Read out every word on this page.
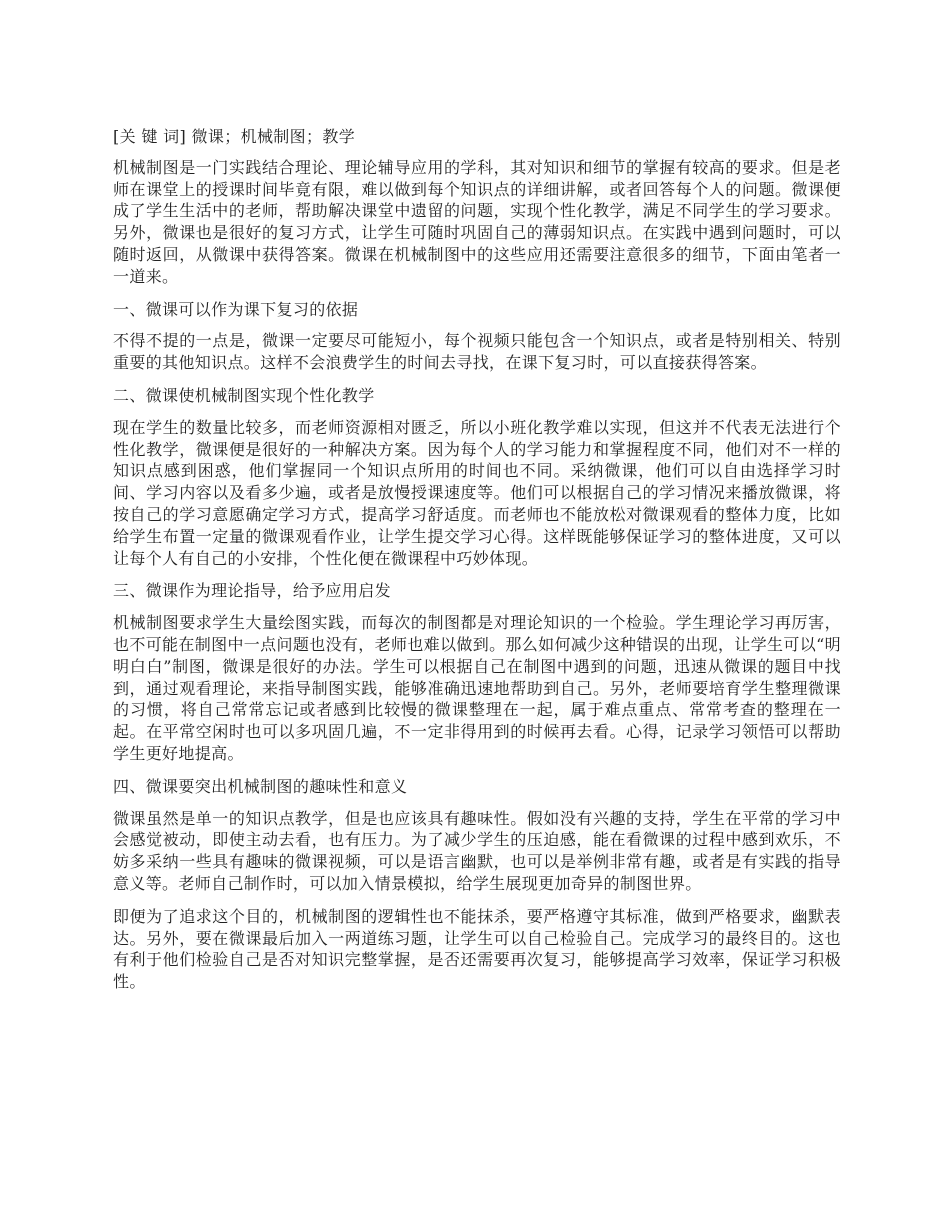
[关 键 词] 微课；机械制图；教学

机械制图是一门实践结合理论、理论辅导应用的学科，其对知识和细节的掌握有较高的要求。但是老师在课堂上的授课时间毕竟有限，难以做到每个知识点的详细讲解，或者回答每个人的问题。微课便成了学生生活中的老师，帮助解决课堂中遗留的问题，实现个性化教学，满足不同学生的学习要求。另外，微课也是很好的复习方式，让学生可随时巩固自己的薄弱知识点。在实践中遇到问题时，可以随时返回，从微课中获得答案。微课在机械制图中的这些应用还需要注意很多的细节，下面由笔者一一道来。

一、微课可以作为课下复习的依据

不得不提的一点是，微课一定要尽可能短小，每个视频只能包含一个知识点，或者是特别相关、特别重要的其他知识点。这样不会浪费学生的时间去寻找，在课下复习时，可以直接获得答案。

二、微课使机械制图实现个性化教学

现在学生的数量比较多，而老师资源相对匮乏，所以小班化教学难以实现，但这并不代表无法进行个性化教学，微课便是很好的一种解决方案。因为每个人的学习能力和掌握程度不同，他们对不一样的知识点感到困惑，他们掌握同一个知识点所用的时间也不同。采纳微课，他们可以自由选择学习时间、学习内容以及看多少遍，或者是放慢授课速度等。他们可以根据自己的学习情况来播放微课，将按自己的学习意愿确定学习方式，提高学习舒适度。而老师也不能放松对微课观看的整体力度，比如给学生布置一定量的微课观看作业，让学生提交学习心得。这样既能够保证学习的整体进度，又可以让每个人有自己的小安排，个性化便在微课程中巧妙体现。

三、微课作为理论指导，给予应用启发

机械制图要求学生大量绘图实践，而每次的制图都是对理论知识的一个检验。学生理论学习再厉害，也不可能在制图中一点问题也没有，老师也难以做到。那么如何减少这种错误的出现，让学生可以“明明白白”制图，微课是很好的办法。学生可以根据自己在制图中遇到的问题，迅速从微课的题目中找到，通过观看理论，来指导制图实践，能够准确迅速地帮助到自己。另外，老师要培育学生整理微课的习惯，将自己常常忘记或者感到比较慢的微课整理在一起，属于难点重点、常常考查的整理在一起。在平常空闲时也可以多巩固几遍，不一定非得用到的时候再去看。心得，记录学习领悟可以帮助学生更好地提高。

四、微课要突出机械制图的趣味性和意义

微课虽然是单一的知识点教学，但是也应该具有趣味性。假如没有兴趣的支持，学生在平常的学习中会感觉被动，即使主动去看，也有压力。为了减少学生的压迫感，能在看微课的过程中感到欢乐，不妨多采纳一些具有趣味的微课视频，可以是语言幽默，也可以是举例非常有趣，或者是有实践的指导意义等。老师自己制作时，可以加入情景模拟，给学生展现更加奇异的制图世界。

即便为了追求这个目的，机械制图的逻辑性也不能抹杀，要严格遵守其标准，做到严格要求，幽默表达。另外，要在微课最后加入一两道练习题，让学生可以自己检验自己。完成学习的最终目的。这也有利于他们检验自己是否对知识完整掌握，是否还需要再次复习，能够提高学习效率，保证学习积极性。
